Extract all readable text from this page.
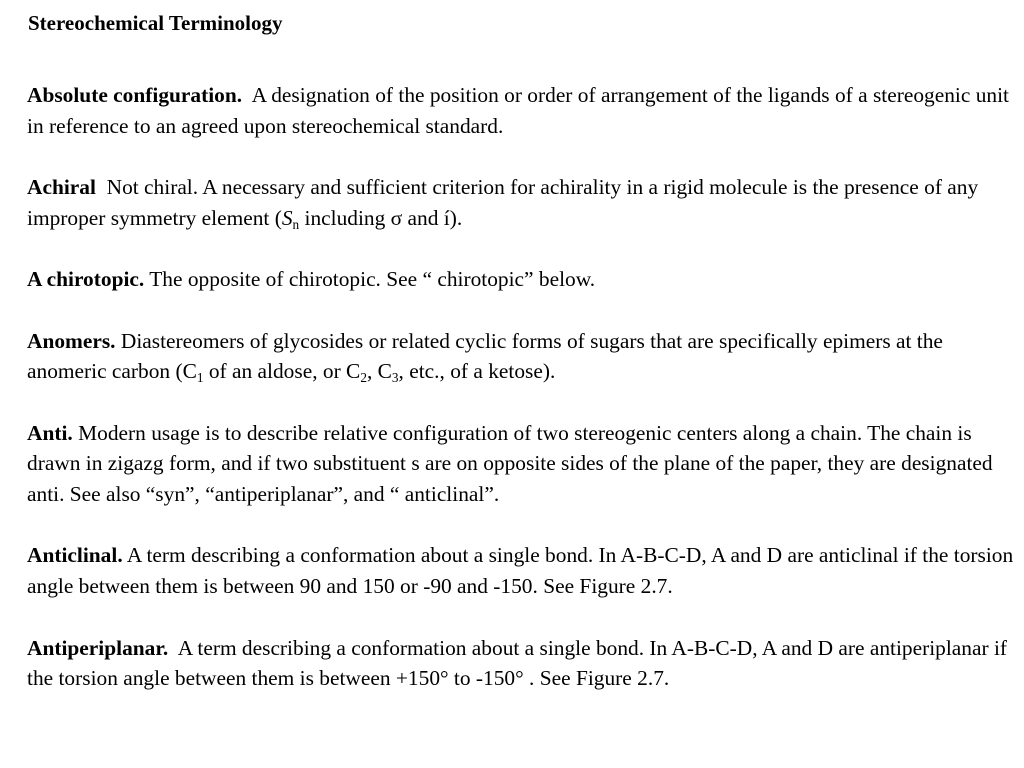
Stereochemical Terminology

Absolute configuration. A designation of the position or order of arrangement of the ligands of a stereogenic unit in reference to an agreed upon stereochemical standard.

Achiral Not chiral. A necessary and sufficient criterion for achirality in a rigid molecule is the presence of any improper symmetry element ($S_n$ including σ and í).

A chirotopic. The opposite of chirotopic. See “ chirotopic” below.

Anomers. Diastereomers of glycosides or related cyclic forms of sugars that are specifically epimers at the anomeric carbon ($C_1$ of an aldose, or $C_2$, $C_3$, etc., of a ketose).

Anti. Modern usage is to describe relative configuration of two stereogenic centers along a chain. The chain is drawn in zigazg form, and if two substituent s are on opposite sides of the plane of the paper, they are designated anti. See also “syn”, “antiperiplanar”, and “ anticlinal”.

Anticlinal. A term describing a conformation about a single bond. In A-B-C-D, A and D are anticlinal if the torsion angle between them is between 90 and 150 or -90 and -150. See Figure 2.7.

Antiperiplanar. A term describing a conformation about a single bond. In A-B-C-D, A and D are antiperiplanar if the torsion angle between them is between +150° to -150° . See Figure 2.7.
